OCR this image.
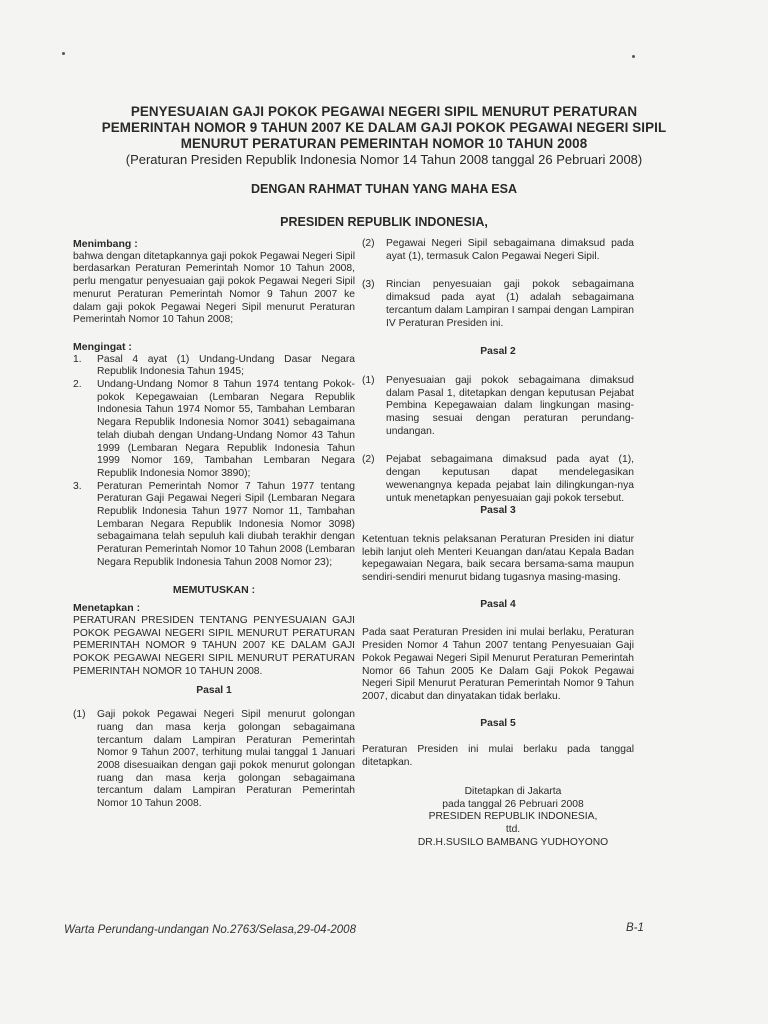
PENYESUAIAN GAJI POKOK PEGAWAI NEGERI SIPIL MENURUT PERATURAN
PEMERINTAH NOMOR 9 TAHUN 2007 KE DALAM GAJI POKOK PEGAWAI NEGERI SIPIL
MENURUT PERATURAN PEMERINTAH NOMOR 10 TAHUN 2008
(Peraturan Presiden Republik Indonesia Nomor 14 Tahun 2008 tanggal 26 Pebruari 2008)
DENGAN RAHMAT TUHAN YANG MAHA ESA
PRESIDEN REPUBLIK INDONESIA,
Menimbang :
bahwa dengan ditetapkannya gaji pokok Pegawai Negeri Sipil berdasarkan Peraturan Pemerintah Nomor 10 Tahun 2008, perlu mengatur penyesuaian gaji pokok Pegawai Negeri Sipil menurut Peraturan Pemerintah Nomor 9 Tahun 2007 ke dalam gaji pokok Pegawai Negeri Sipil menurut Peraturan Pemerintah Nomor 10 Tahun 2008;
Mengingat :
1.	Pasal 4 ayat (1) Undang-Undang Dasar Negara Republik Indonesia Tahun 1945;
2.	Undang-Undang Nomor 8 Tahun 1974 tentang Pokok-pokok Kepegawaian (Lembaran Negara Republik Indonesia Tahun 1974 Nomor 55, Tambahan Lembaran Negara Republik Indonesia Nomor 3041) sebagaimana telah diubah dengan Undang-Undang Nomor 43 Tahun 1999 (Lembaran Negara Republik Indonesia Tahun 1999 Nomor 169, Tambahan Lembaran Negara Republik Indonesia Nomor 3890);
3.	Peraturan Pemerintah Nomor 7 Tahun 1977 tentang Peraturan Gaji Pegawai Negeri Sipil (Lembaran Negara Republik Indonesia Tahun 1977 Nomor 11, Tambahan Lembaran Negara Republik Indonesia Nomor 3098) sebagaimana telah sepuluh kali diubah terakhir dengan Peraturan Pemerintah Nomor 10 Tahun 2008 (Lembaran Negara Republik Indonesia Tahun 2008 Nomor 23);
MEMUTUSKAN :
Menetapkan :
PERATURAN PRESIDEN TENTANG PENYESUAIAN GAJI POKOK PEGAWAI NEGERI SIPIL MENURUT PERATURAN PEMERINTAH NOMOR 9 TAHUN 2007 KE DALAM GAJI POKOK PEGAWAI NEGERI SIPIL MENURUT PERATURAN PEMERINTAH NOMOR 10 TAHUN 2008.
Pasal 1
(1)	Gaji pokok Pegawai Negeri Sipil menurut golongan ruang dan masa kerja golongan sebagaimana tercantum dalam Lampiran Peraturan Pemerintah Nomor 9 Tahun 2007, terhitung mulai tanggal 1 Januari 2008 disesuaikan dengan gaji pokok menurut golongan ruang dan masa kerja golongan sebagaimana tercantum dalam Lampiran Peraturan Pemerintah Nomor 10 Tahun 2008.
(2)	Pegawai Negeri Sipil sebagaimana dimaksud pada ayat (1), termasuk Calon Pegawai Negeri Sipil.
(3)	Rincian penyesuaian gaji pokok sebagaimana dimaksud pada ayat (1) adalah sebagaimana tercantum dalam Lampiran I sampai dengan Lampiran IV Peraturan Presiden ini.
Pasal 2
(1)	Penyesuaian gaji pokok sebagaimana dimaksud dalam Pasal 1, ditetapkan dengan keputusan Pejabat Pembina Kepegawaian dalam lingkungan masing-masing sesuai dengan peraturan perundang-undangan.
(2)	Pejabat sebagaimana dimaksud pada ayat (1), dengan keputusan dapat mendelegasikan wewenangnya kepada pejabat lain dilingkungan-nya untuk menetapkan penyesuaian gaji pokok tersebut.
Pasal 3
Ketentuan teknis pelaksanan Peraturan Presiden ini diatur lebih lanjut oleh Menteri Keuangan dan/atau Kepala Badan kepegawaian Negara, baik secara bersama-sama maupun sendiri-sendiri menurut bidang tugasnya masing-masing.
Pasal 4
Pada saat Peraturan Presiden ini mulai berlaku, Peraturan Presiden Nomor 4 Tahun 2007 tentang Penyesuaian Gaji Pokok Pegawai Negeri Sipil Menurut Peraturan Pemerintah Nomor 66 Tahun 2005 Ke Dalam Gaji Pokok Pegawai Negeri Sipil Menurut Peraturan Pemerintah Nomor 9 Tahun 2007, dicabut dan dinyatakan tidak berlaku.
Pasal 5
Peraturan Presiden ini mulai berlaku pada tanggal ditetapkan.
Ditetapkan di Jakarta
pada tanggal 26 Pebruari 2008
PRESIDEN REPUBLIK INDONESIA,
ttd.
DR.H.SUSILO BAMBANG YUDHOYONO
Warta Perundang-undangan No.2763/Selasa,29-04-2008	B-1
